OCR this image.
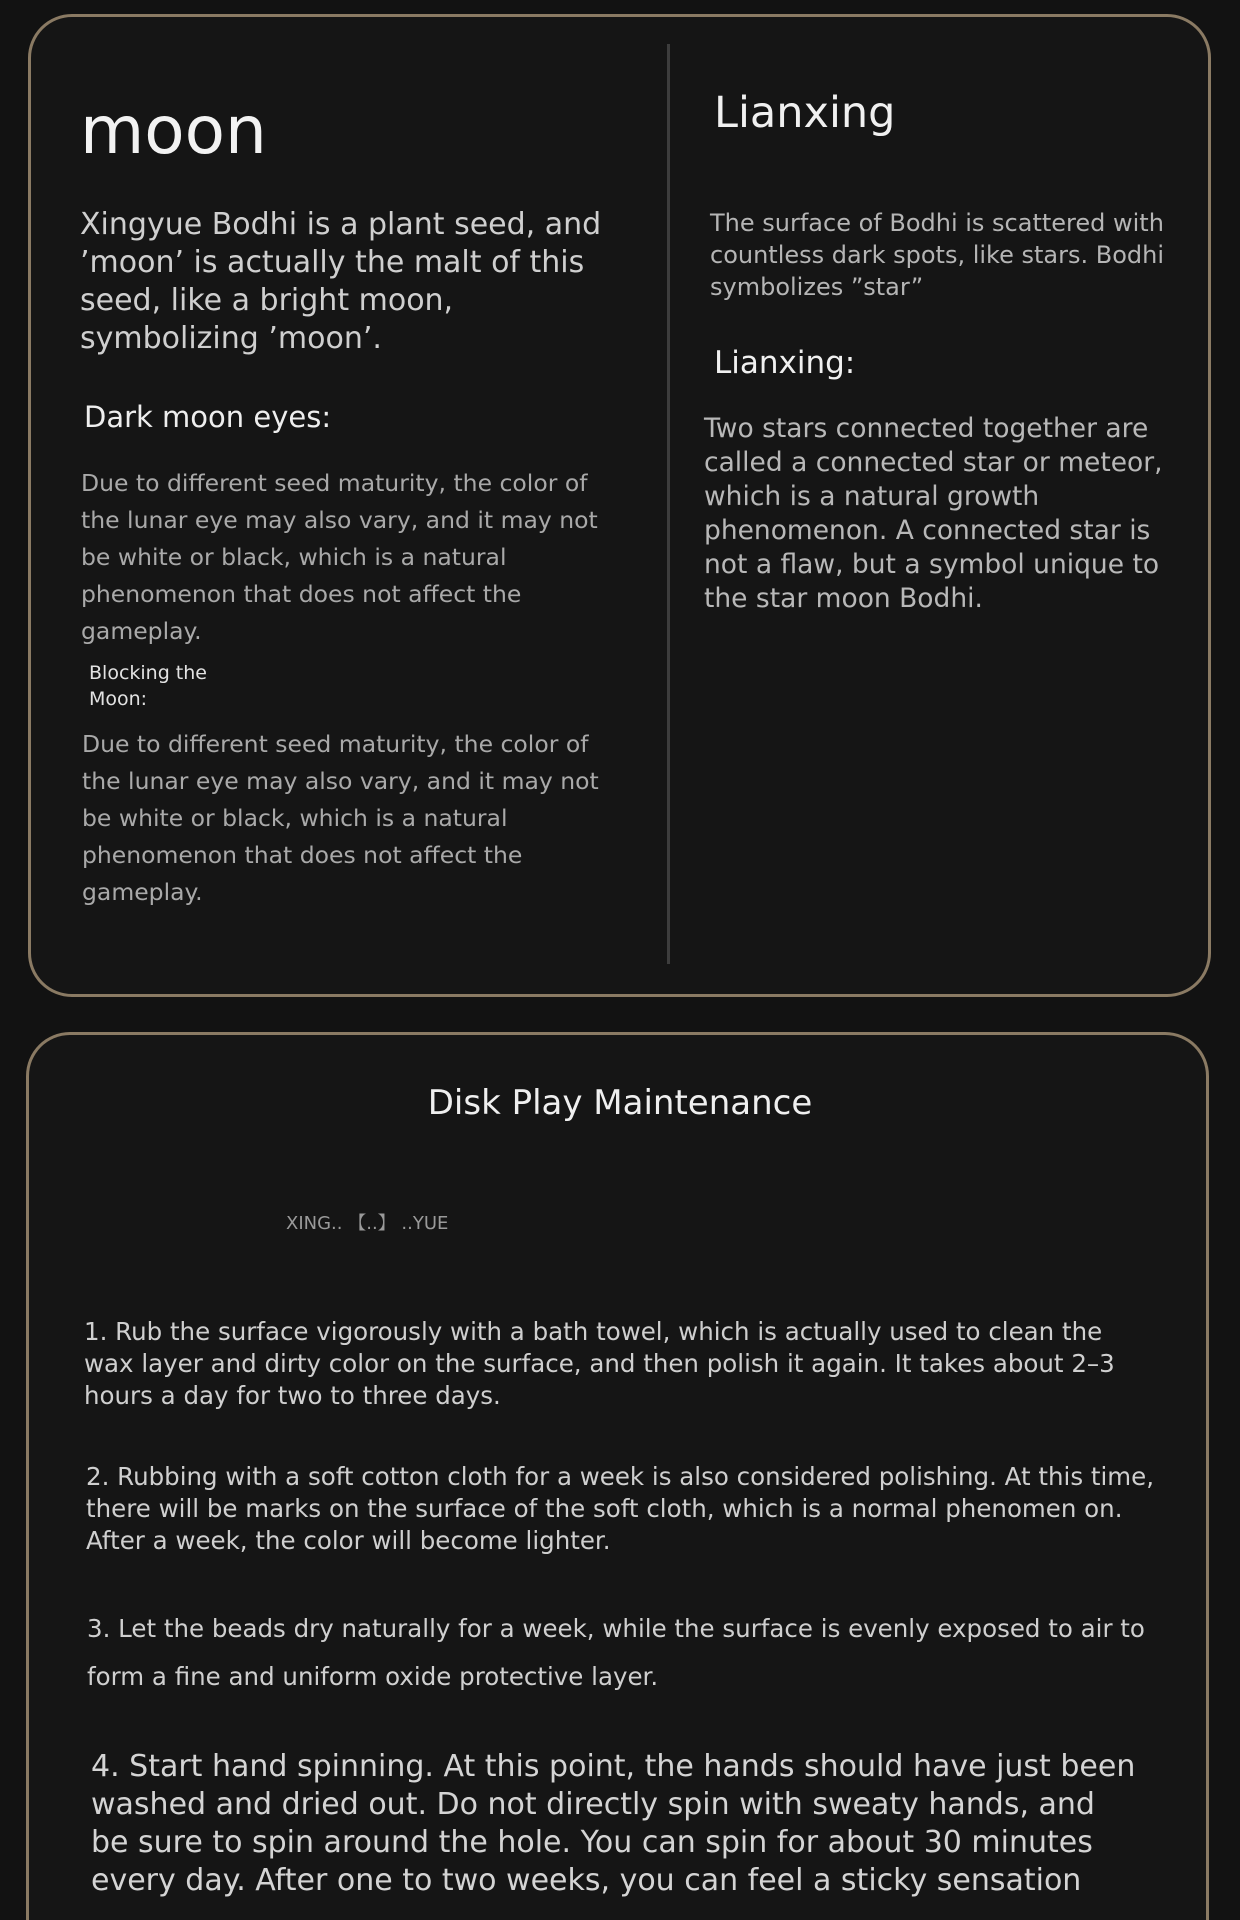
moon
Xingyue Bodhi is a plant seed, and ’moon’ is actually the malt of this seed, like a bright moon, symbolizing ’moon’.
Dark moon eyes:
Due to different seed maturity, the color of the lunar eye may also vary, and it may not be white or black, which is a natural phenomenon that does not affect the gameplay.
Blocking the Moon:
Due to different seed maturity, the color of the lunar eye may also vary, and it may not be white or black, which is a natural phenomenon that does not affect the gameplay.
Lianxing
The surface of Bodhi is scattered with countless dark spots, like stars. Bodhi symbolizes ”star”
Lianxing:
Two stars connected together are called a connected star or meteor, which is a natural growth phenomenon. A connected star is not a flaw, but a symbol unique to the star moon Bodhi.
Disk Play Maintenance
XING.. 【..】 ..YUE
1. Rub the surface vigorously with a bath towel, which is actually used to clean the wax layer and dirty color on the surface, and then polish it again. It takes about 2–3 hours a day for two to three days.
2. Rubbing with a soft cotton cloth for a week is also considered polishing. At this time, there will be marks on the surface of the soft cloth, which is a normal phenomen on. After a week, the color will become lighter.
3. Let the beads dry naturally for a week, while the surface is evenly exposed to air to form a fine and uniform oxide protective layer.
4. Start hand spinning. At this point, the hands should have just been washed and dried out. Do not directly spin with sweaty hands, and be sure to spin around the hole. You can spin for about 30 minutes every day. After one to two weeks, you can feel a sticky sensation
